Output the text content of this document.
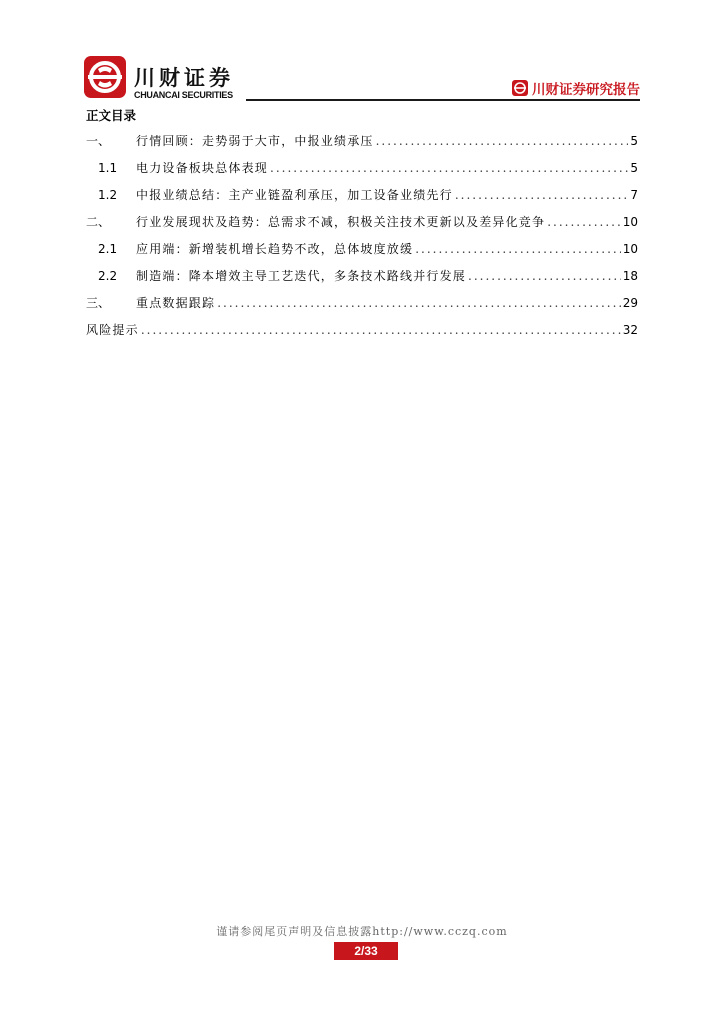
川财证券
CHUANCAI SECURITIES	川财证券研究报告
正文目录
一、	行情回顾：走势弱于大市，中报业绩承压 .....	5
1.1	电力设备板块总体表现 .....	5
1.2	中报业绩总结：主产业链盈利承压，加工设备业绩先行 .....	7
二、	行业发展现状及趋势：总需求不减，积极关注技术更新以及差异化竞争 .....	10
2.1	应用端：新增装机增长趋势不改，总体坡度放缓 .....	10
2.2	制造端：降本增效主导工艺迭代，多条技术路线并行发展 .....	18
三、	重点数据跟踪 .....	29
风险提示 .....	32
谨请参阅尾页声明及信息披露http://www.cczq.com
2/33
